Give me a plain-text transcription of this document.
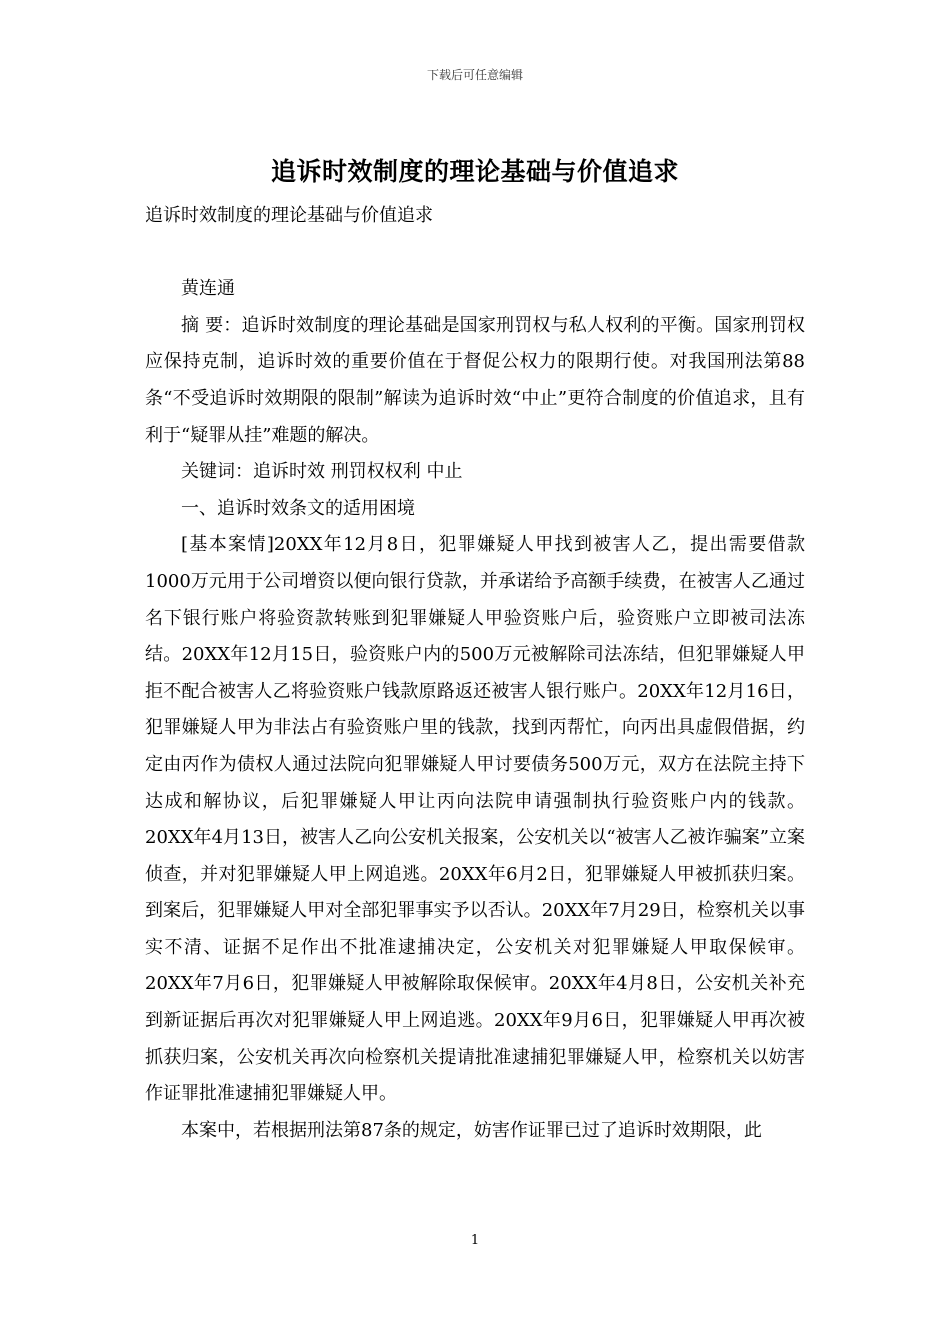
下载后可任意编辑
追诉时效制度的理论基础与价值追求

追诉时效制度的理论基础与价值追求

黄连通

摘 要：追诉时效制度的理论基础是国家刑罚权与私人权利的平衡。国家刑罚权应保持克制，追诉时效的重要价值在于督促公权力的限期行使。对我国刑法第88条“不受追诉时效期限的限制”解读为追诉时效“中止”更符合制度的价值追求，且有利于“疑罪从挂”难题的解决。

关键词：追诉时效 刑罚权权利 中止

一、追诉时效条文的适用困境

[基本案情]20XX年12月8日，犯罪嫌疑人甲找到被害人乙，提出需要借款1000万元用于公司增资以便向银行贷款，并承诺给予高额手续费，在被害人乙通过名下银行账户将验资款转账到犯罪嫌疑人甲验资账户后，验资账户立即被司法冻结。20XX年12月15日，验资账户内的500万元被解除司法冻结，但犯罪嫌疑人甲拒不配合被害人乙将验资账户钱款原路返还被害人银行账户。20XX年12月16日，犯罪嫌疑人甲为非法占有验资账户里的钱款，找到丙帮忙，向丙出具虚假借据，约定由丙作为债权人通过法院向犯罪嫌疑人甲讨要债务500万元，双方在法院主持下达成和解协议，后犯罪嫌疑人甲让丙向法院申请强制执行验资账户内的钱款。20XX年4月13日，被害人乙向公安机关报案，公安机关以“被害人乙被诈骗案”立案侦查，并对犯罪嫌疑人甲上网追逃。20XX年6月2日，犯罪嫌疑人甲被抓获归案。到案后，犯罪嫌疑人甲对全部犯罪事实予以否认。20XX年7月29日，检察机关以事实不清、证据不足作出不批准逮捕决定，公安机关对犯罪嫌疑人甲取保候审。20XX年7月6日，犯罪嫌疑人甲被解除取保候审。20XX年4月8日，公安机关补充到新证据后再次对犯罪嫌疑人甲上网追逃。20XX年9月6日，犯罪嫌疑人甲再次被抓获归案，公安机关再次向检察机关提请批准逮捕犯罪嫌疑人甲，检察机关以妨害作证罪批准逮捕犯罪嫌疑人甲。

本案中，若根据刑法第87条的规定，妨害作证罪已过了追诉时效期限，此

1
